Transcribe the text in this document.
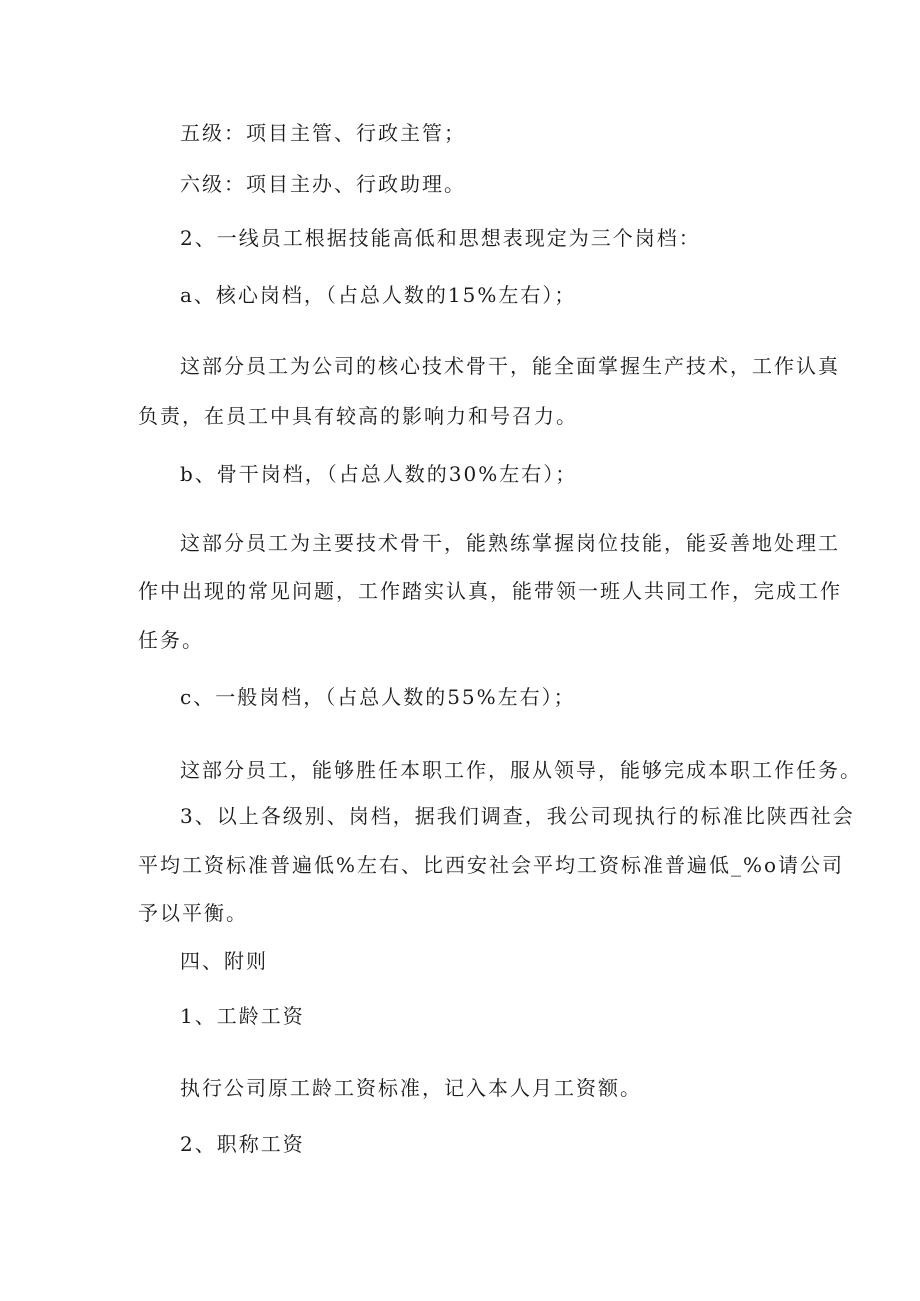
五级：项目主管、行政主管；
六级：项目主办、行政助理。
2、一线员工根据技能高低和思想表现定为三个岗档：
a、核心岗档，（占总人数的15%左右）；
这部分员工为公司的核心技术骨干，能全面掌握生产技术，工作认真
负责，在员工中具有较高的影响力和号召力。
b、骨干岗档，（占总人数的30%左右）；
这部分员工为主要技术骨干，能熟练掌握岗位技能，能妥善地处理工
作中出现的常见问题，工作踏实认真，能带领一班人共同工作，完成工作
任务。
c、一般岗档，（占总人数的55%左右）；
这部分员工，能够胜任本职工作，服从领导，能够完成本职工作任务。
3、以上各级别、岗档，据我们调查，我公司现执行的标准比陕西社会
平均工资标准普遍低%左右、比西安社会平均工资标准普遍低_%o请公司
予以平衡。
四、附则
1、工龄工资
执行公司原工龄工资标准，记入本人月工资额。
2、职称工资
